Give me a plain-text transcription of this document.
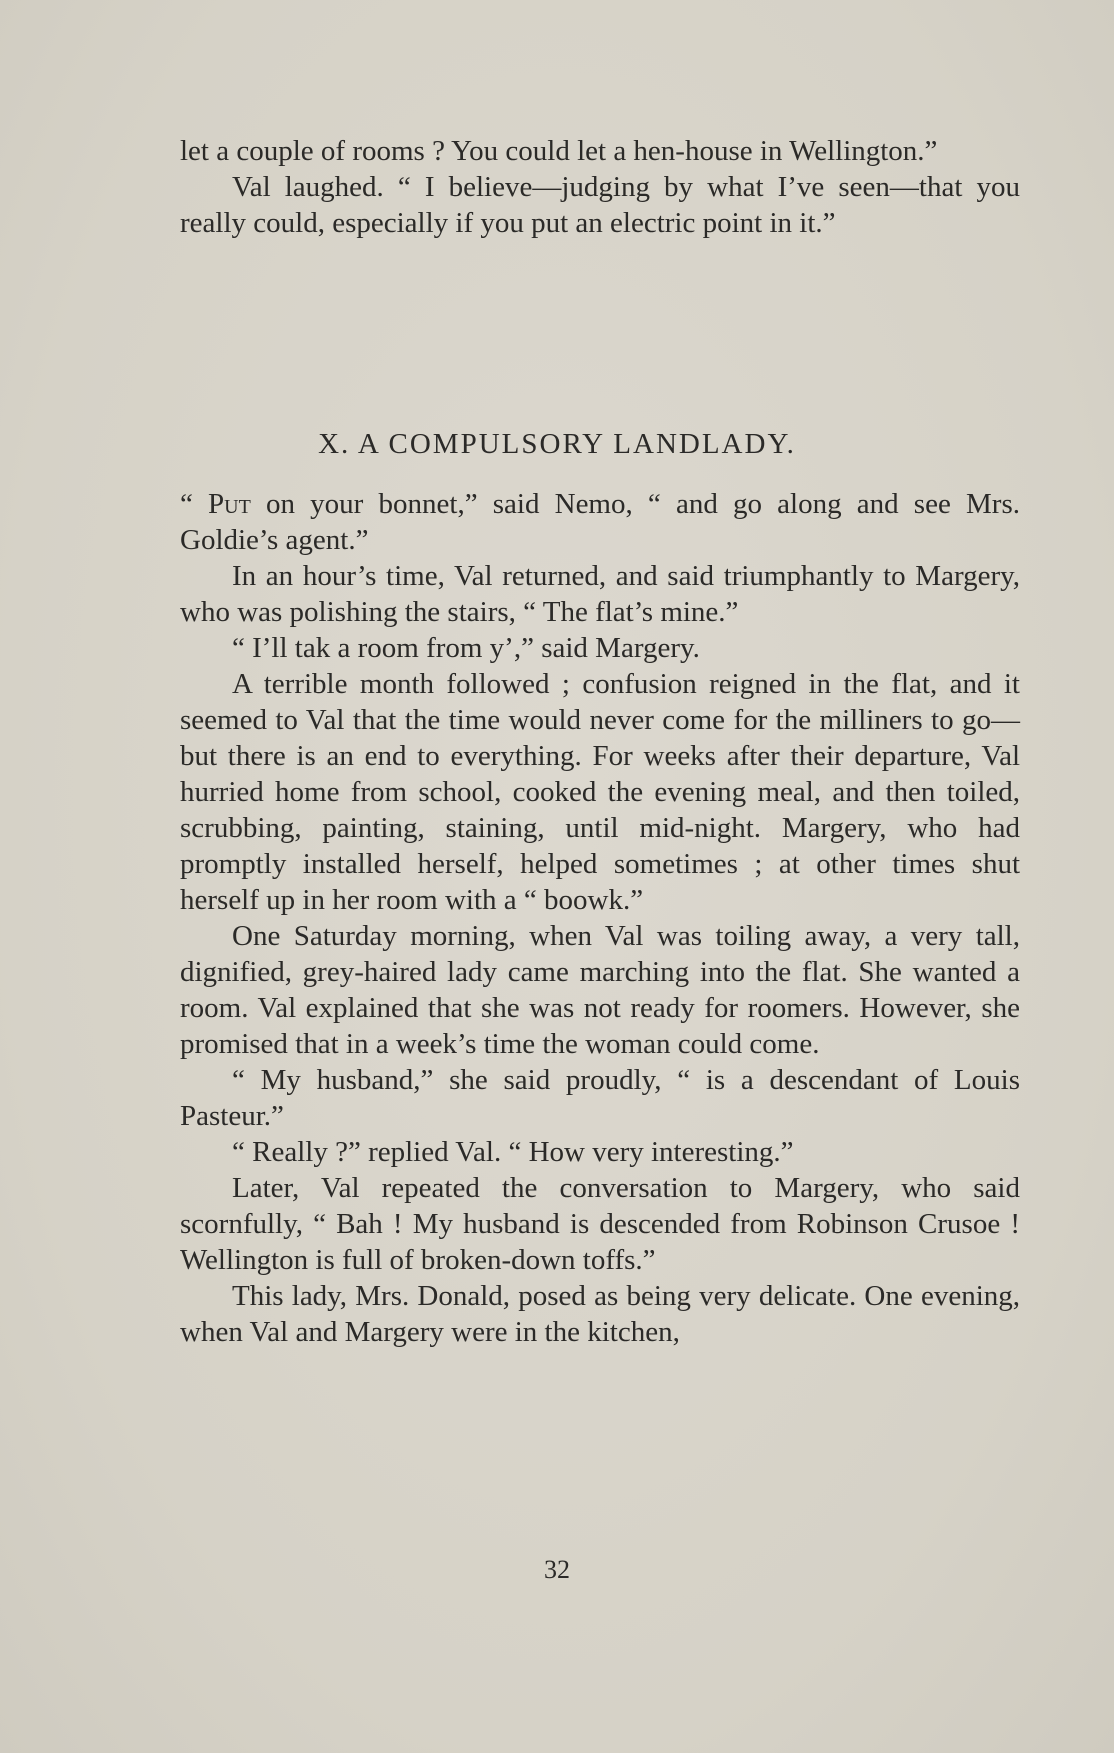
let a couple of rooms ? You could let a hen-house in Wellington.”

Val laughed. “ I believe—judging by what I’ve seen—that you really could, especially if you put an electric point in it.”

X. A COMPULSORY LANDLADY.

“ Put on your bonnet,” said Nemo, “ and go along and see Mrs. Goldie’s agent.”

In an hour’s time, Val returned, and said triumphantly to Margery, who was polishing the stairs, “ The flat’s mine.”

“ I’ll tak a room from y’,” said Margery.

A terrible month followed ; confusion reigned in the flat, and it seemed to Val that the time would never come for the milliners to go—but there is an end to everything. For weeks after their departure, Val hurried home from school, cooked the evening meal, and then toiled, scrubbing, painting, staining, until mid-night. Margery, who had promptly installed herself, helped sometimes ; at other times shut herself up in her room with a “ boowk.”

One Saturday morning, when Val was toiling away, a very tall, dignified, grey-haired lady came marching into the flat. She wanted a room. Val explained that she was not ready for roomers. However, she promised that in a week’s time the woman could come.

“ My husband,” she said proudly, “ is a descendant of Louis Pasteur.”

“ Really ?” replied Val. “ How very interesting.”

Later, Val repeated the conversation to Margery, who said scornfully, “ Bah ! My husband is descended from Robinson Crusoe ! Wellington is full of broken-down toffs.”

This lady, Mrs. Donald, posed as being very delicate. One evening, when Val and Margery were in the kitchen,

32
